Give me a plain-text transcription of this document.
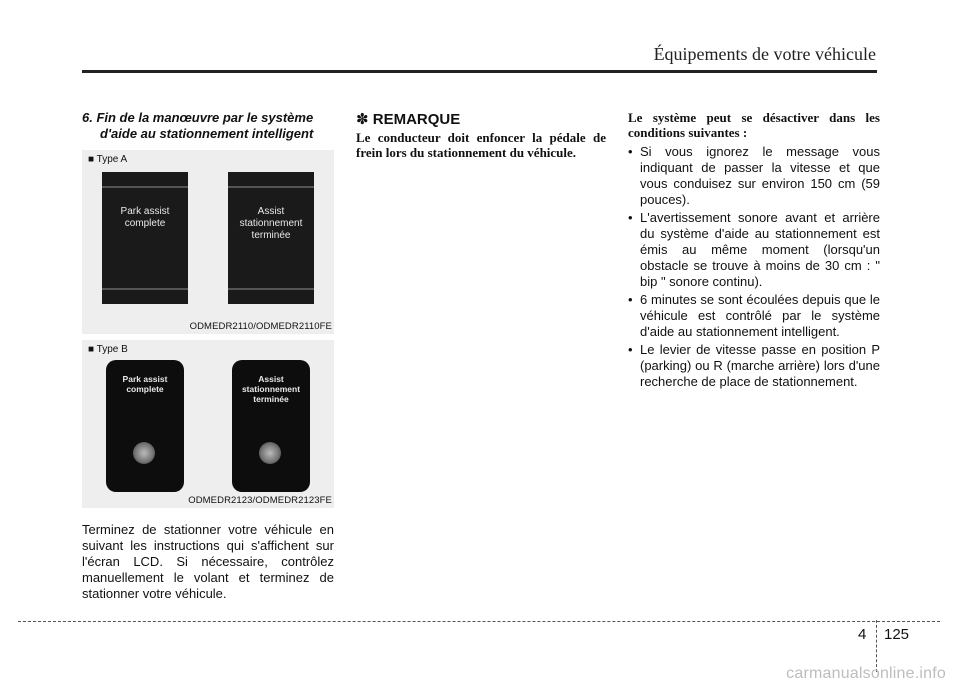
Équipements de votre véhicule

6. Fin de la manœuvre par le système d'aide au stationnement intelligent

■ Type A
Park assist
complete
Assist
stationnement
terminée
ODMEDR2110/ODMEDR2110FE
■ Type B
Park assist
complete
Assist
stationnement
terminée
ODMEDR2123/ODMEDR2123FE

Terminez de stationner votre véhicule en suivant les instructions qui s'affichent sur l'écran LCD. Si nécessaire, contrôlez manuellement le volant et terminez de stationner votre véhicule.

✽ REMARQUE

Le conducteur doit enfoncer la pédale de frein lors du stationnement du véhicule.

Le système peut se désactiver dans les conditions suivantes :

• Si vous ignorez le message vous indiquant de passer la vitesse et que vous conduisez sur environ 150 cm (59 pouces).
• L'avertissement sonore avant et arrière du système d'aide au stationnement est émis au même moment (lorsqu'un obstacle se trouve à moins de 30 cm : " bip " sonore continu).
• 6 minutes se sont écoulées depuis que le véhicule est contrôlé par le système d'aide au stationnement intelligent.
• Le levier de vitesse passe en position P (parking) ou R (marche arrière) lors d'une recherche de place de stationnement.
4 125
carmanualsonline.info
